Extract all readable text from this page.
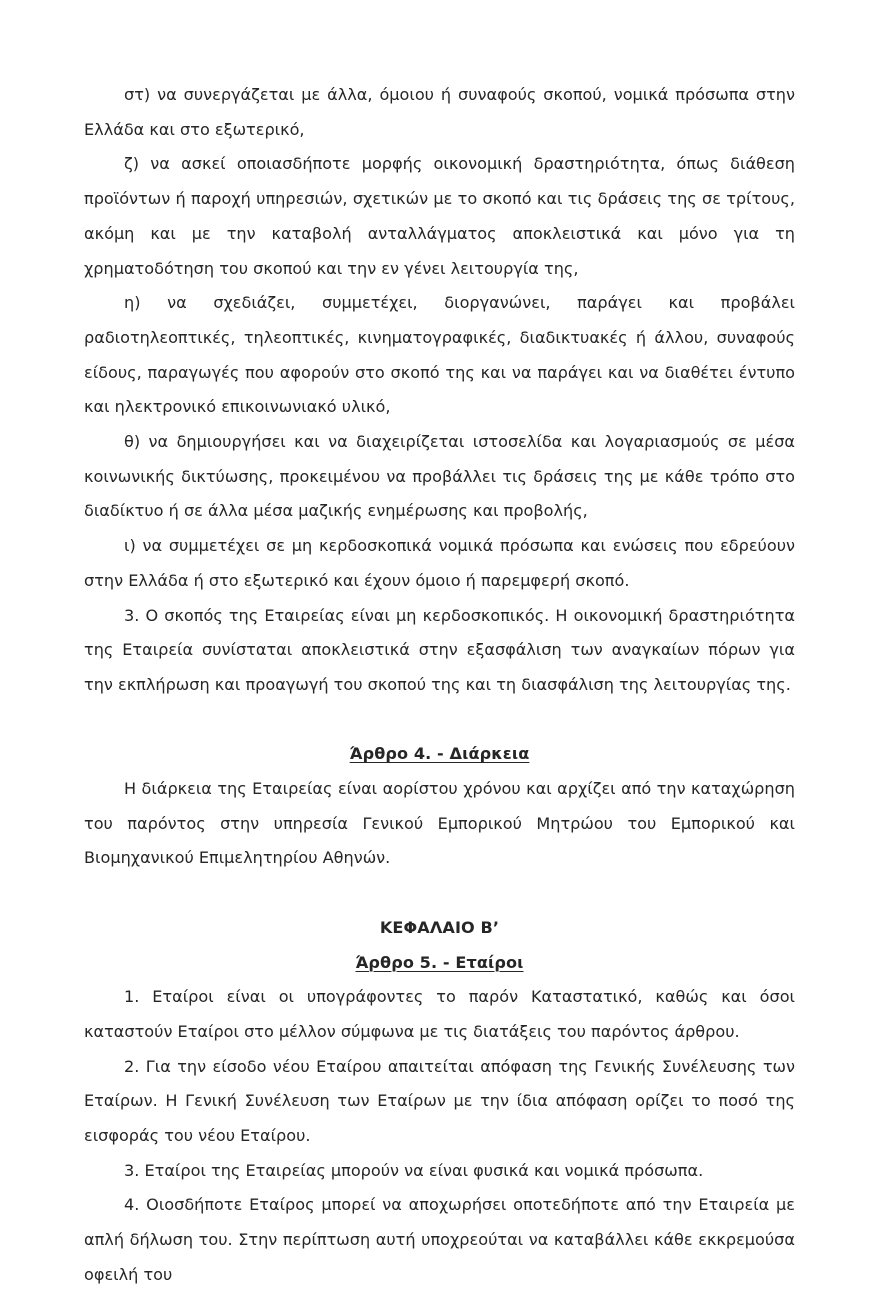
στ) να συνεργάζεται με άλλα, όμοιου ή συναφούς σκοπού, νομικά πρόσωπα στην Ελλάδα και στο εξωτερικό,

ζ) να ασκεί οποιασδήποτε μορφής οικονομική δραστηριότητα, όπως διάθεση προϊόντων ή παροχή υπηρεσιών, σχετικών με το σκοπό και τις δράσεις της σε τρίτους, ακόμη και με την καταβολή ανταλλάγματος αποκλειστικά και μόνο για τη χρηματοδότηση του σκοπού και την εν γένει λειτουργία της,

η) να σχεδιάζει, συμμετέχει, διοργανώνει, παράγει και προβάλει ραδιοτηλεοπτικές, τηλεοπτικές, κινηματογραφικές, διαδικτυακές ή άλλου, συναφούς είδους, παραγωγές που αφορούν στο σκοπό της και να παράγει και να διαθέτει έντυπο και ηλεκτρονικό επικοινωνιακό υλικό,

θ) να δημιουργήσει και να διαχειρίζεται ιστοσελίδα και λογαριασμούς σε μέσα κοινωνικής δικτύωσης, προκειμένου να προβάλλει τις δράσεις της με κάθε τρόπο στο διαδίκτυο ή σε άλλα μέσα μαζικής ενημέρωσης και προβολής,

ι) να συμμετέχει σε μη κερδοσκοπικά νομικά πρόσωπα και ενώσεις που εδρεύουν στην Ελλάδα ή στο εξωτερικό και έχουν όμοιο ή παρεμφερή σκοπό.

3. Ο σκοπός της Εταιρείας είναι μη κερδοσκοπικός. Η οικονομική δραστηριότητα της Εταιρεία συνίσταται αποκλειστικά στην εξασφάλιση των αναγκαίων πόρων για την εκπλήρωση και προαγωγή του σκοπού της και τη διασφάλιση της λειτουργίας της.

Άρθρο 4. - Διάρκεια

Η διάρκεια της Εταιρείας είναι αορίστου χρόνου και αρχίζει από την καταχώρηση του παρόντος στην υπηρεσία Γενικού Εμπορικού Μητρώου του Εμπορικού και Βιομηχανικού Επιμελητηρίου Αθηνών.

ΚΕΦΑΛΑΙΟ Β’

Άρθρο 5. - Εταίροι

1. Εταίροι είναι οι υπογράφοντες το παρόν Καταστατικό, καθώς και όσοι καταστούν Εταίροι στο μέλλον σύμφωνα με τις διατάξεις του παρόντος άρθρου.

2. Για την είσοδο νέου Εταίρου απαιτείται απόφαση της Γενικής Συνέλευσης των Εταίρων. Η Γενική Συνέλευση των Εταίρων με την ίδια απόφαση ορίζει το ποσό της εισφοράς του νέου Εταίρου.

3. Εταίροι της Εταιρείας μπορούν να είναι φυσικά και νομικά πρόσωπα.

4. Οιοσδήποτε Εταίρος μπορεί να αποχωρήσει οποτεδήποτε από την Εταιρεία με απλή δήλωση του. Στην περίπτωση αυτή υποχρεούται να καταβάλλει κάθε εκκρεμούσα οφειλή του
